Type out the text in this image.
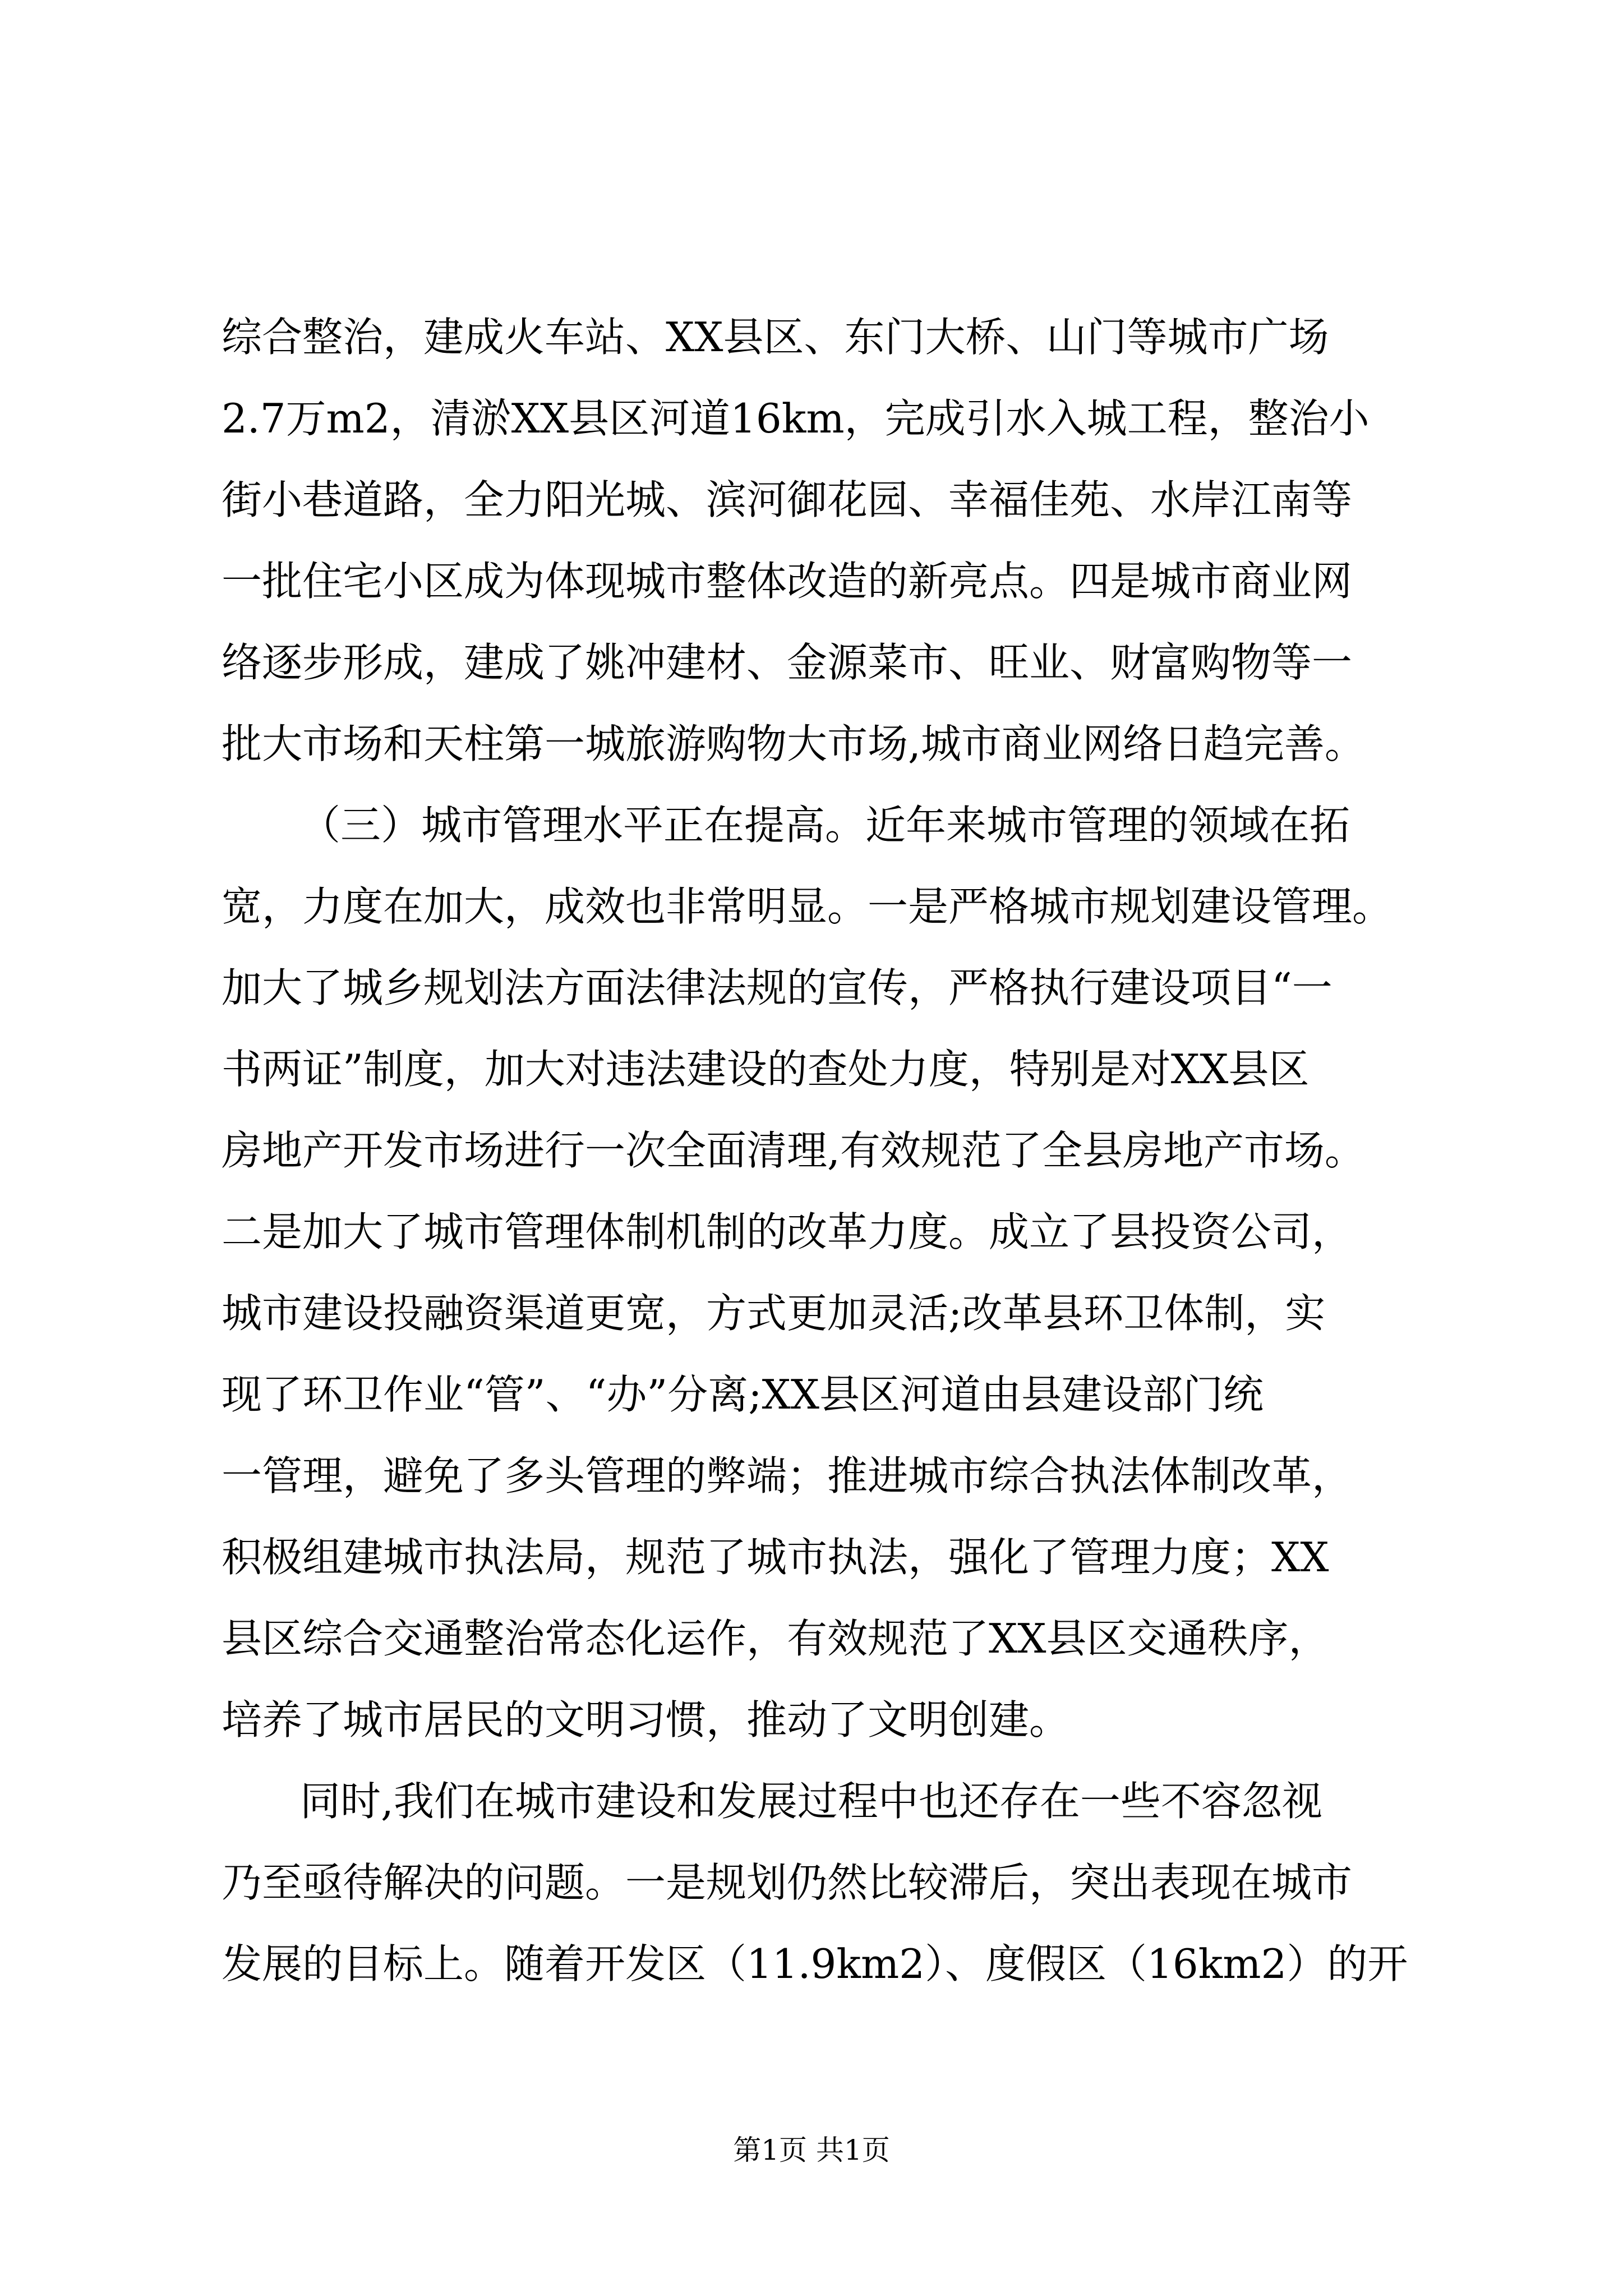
综合整治，建成火车站、XX县区、东门大桥、山门等城市广场
2.7万m2，清淤XX县区河道16km，完成引水入城工程，整治小
街小巷道路，全力阳光城、滨河御花园、幸福佳苑、水岸江南等
一批住宅小区成为体现城市整体改造的新亮点。四是城市商业网
络逐步形成，建成了姚冲建材、金源菜市、旺业、财富购物等一
批大市场和天柱第一城旅游购物大市场,城市商业网络日趋完善。
（三）城市管理水平正在提高。近年来城市管理的领域在拓
宽，力度在加大，成效也非常明显。一是严格城市规划建设管理。
加大了城乡规划法方面法律法规的宣传，严格执行建设项目“一
书两证”制度，加大对违法建设的查处力度，特别是对XX县区
房地产开发市场进行一次全面清理,有效规范了全县房地产市场。
二是加大了城市管理体制机制的改革力度。成立了县投资公司，
城市建设投融资渠道更宽，方式更加灵活;改革县环卫体制，实
现了环卫作业“管”、“办”分离;XX县区河道由县建设部门统
一管理，避免了多头管理的弊端；推进城市综合执法体制改革，
积极组建城市执法局，规范了城市执法，强化了管理力度；XX
县区综合交通整治常态化运作，有效规范了XX县区交通秩序，
培养了城市居民的文明习惯，推动了文明创建。
同时,我们在城市建设和发展过程中也还存在一些不容忽视
乃至亟待解决的问题。一是规划仍然比较滞后，突出表现在城市
发展的目标上。随着开发区（11.9km2）、度假区（16km2）的开
第1页 共1页
